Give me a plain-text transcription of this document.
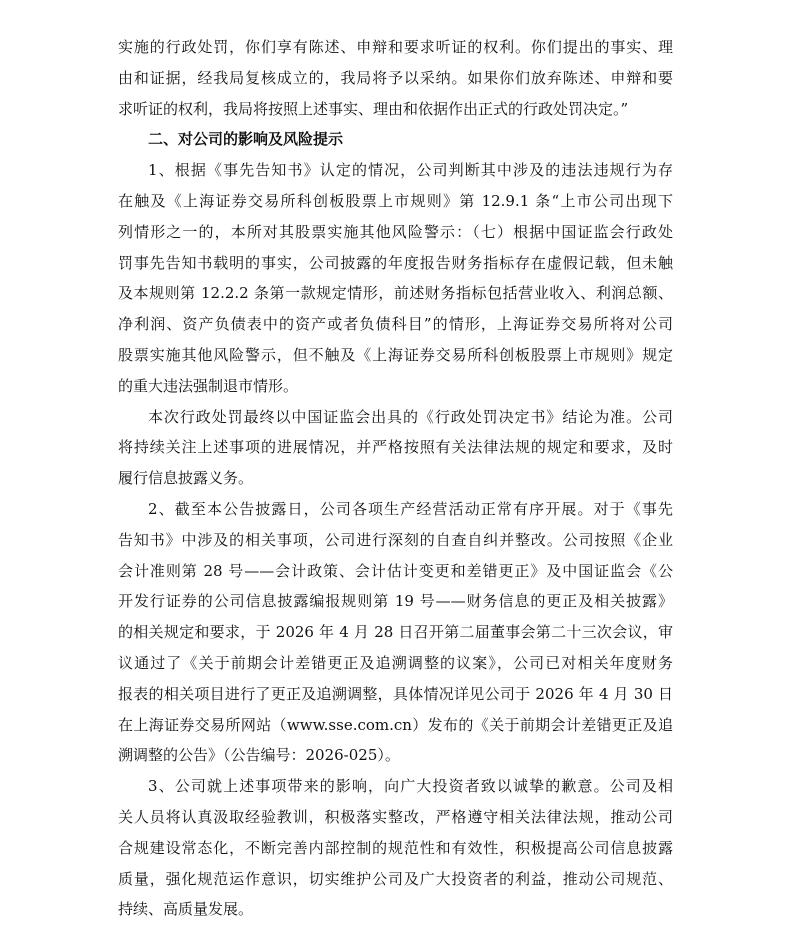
实施的行政处罚，你们享有陈述、申辩和要求听证的权利。你们提出的事实、理
由和证据，经我局复核成立的，我局将予以采纳。如果你们放弃陈述、申辩和要
求听证的权利，我局将按照上述事实、理由和依据作出正式的行政处罚决定。”
二、对公司的影响及风险提示
1、根据《事先告知书》认定的情况，公司判断其中涉及的违法违规行为存
在触及《上海证券交易所科创板股票上市规则》第 12.9.1 条“上市公司出现下
列情形之一的，本所对其股票实施其他风险警示：（七）根据中国证监会行政处
罚事先告知书载明的事实，公司披露的年度报告财务指标存在虚假记载，但未触
及本规则第 12.2.2 条第一款规定情形，前述财务指标包括营业收入、利润总额、
净利润、资产负债表中的资产或者负债科目”的情形，上海证券交易所将对公司
股票实施其他风险警示，但不触及《上海证券交易所科创板股票上市规则》规定
的重大违法强制退市情形。
本次行政处罚最终以中国证监会出具的《行政处罚决定书》结论为准。公司
将持续关注上述事项的进展情况，并严格按照有关法律法规的规定和要求，及时
履行信息披露义务。
2、截至本公告披露日，公司各项生产经营活动正常有序开展。对于《事先
告知书》中涉及的相关事项，公司进行深刻的自查自纠并整改。公司按照《企业
会计准则第 28 号——会计政策、会计估计变更和差错更正》及中国证监会《公
开发行证券的公司信息披露编报规则第 19 号——财务信息的更正及相关披露》
的相关规定和要求，于 2026 年 4 月 28 日召开第二届董事会第二十三次会议，审
议通过了《关于前期会计差错更正及追溯调整的议案》，公司已对相关年度财务
报表的相关项目进行了更正及追溯调整，具体情况详见公司于 2026 年 4 月 30 日
在上海证券交易所网站（www.sse.com.cn）发布的《关于前期会计差错更正及追
溯调整的公告》（公告编号：2026-025）。
3、公司就上述事项带来的影响，向广大投资者致以诚挚的歉意。公司及相
关人员将认真汲取经验教训，积极落实整改，严格遵守相关法律法规，推动公司
合规建设常态化，不断完善内部控制的规范性和有效性，积极提高公司信息披露
质量，强化规范运作意识，切实维护公司及广大投资者的利益，推动公司规范、
持续、高质量发展。
